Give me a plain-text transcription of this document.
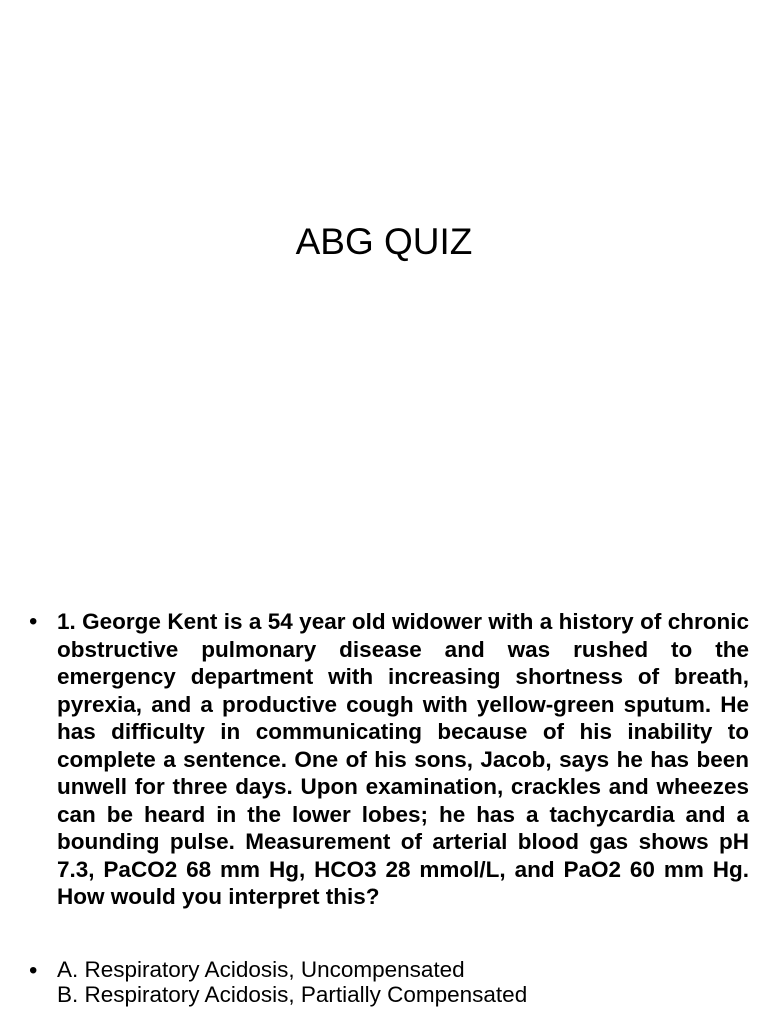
ABG QUIZ
• 1. George Kent is a 54 year old widower with a history of chronic obstructive pulmonary disease and was rushed to the emergency department with increasing shortness of breath, pyrexia, and a productive cough with yellow-green sputum. He has difficulty in communicating because of his inability to complete a sentence. One of his sons, Jacob, says he has been unwell for three days. Upon examination, crackles and wheezes can be heard in the lower lobes; he has a tachycardia and a bounding pulse. Measurement of arterial blood gas shows pH 7.3, PaCO2 68 mm Hg, HCO3 28 mmol/L, and PaO2 60 mm Hg. How would you interpret this?

• A. Respiratory Acidosis, Uncompensated

B. Respiratory Acidosis, Partially Compensated
